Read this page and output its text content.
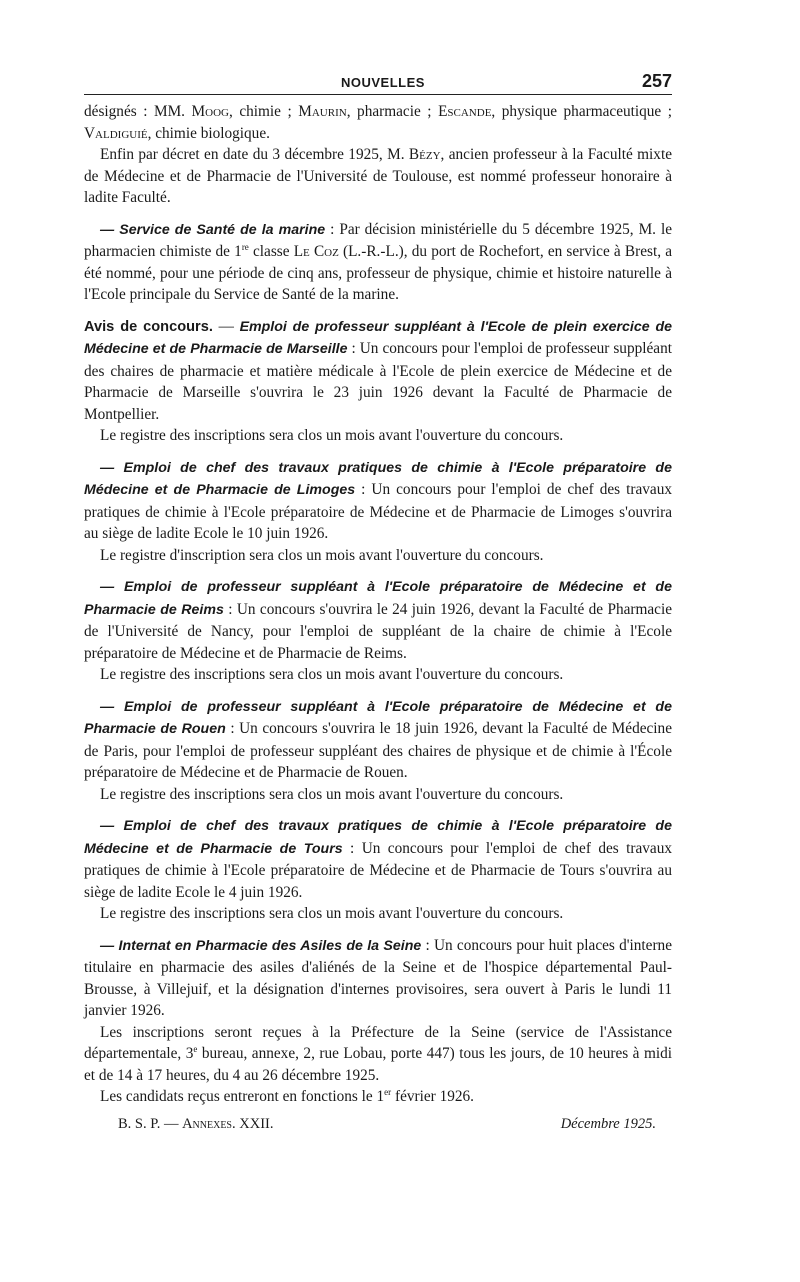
NOUVELLES	257

désignés : MM. Moog, chimie ; Maurin, pharmacie ; Escande, physique pharmaceutique ; Valdiguié, chimie biologique.

Enfin par décret en date du 3 décembre 1925, M. Bézy, ancien professeur à la Faculté mixte de Médecine et de Pharmacie de l'Université de Toulouse, est nommé professeur honoraire à ladite Faculté.

— Service de Santé de la marine : Par décision ministérielle du 5 décembre 1925, M. le pharmacien chimiste de 1re classe Le Coz (L.-R.-L.), du port de Rochefort, en service à Brest, a été nommé, pour une période de cinq ans, professeur de physique, chimie et histoire naturelle à l'Ecole principale du Service de Santé de la marine.

Avis de concours. — Emploi de professeur suppléant à l'Ecole de plein exercice de Médecine et de Pharmacie de Marseille : Un concours pour l'emploi de professeur suppléant des chaires de pharmacie et matière médicale à l'Ecole de plein exercice de Médecine et de Pharmacie de Marseille s'ouvrira le 23 juin 1926 devant la Faculté de Pharmacie de Montpellier.

Le registre des inscriptions sera clos un mois avant l'ouverture du concours.

— Emploi de chef des travaux pratiques de chimie à l'Ecole préparatoire de Médecine et de Pharmacie de Limoges : Un concours pour l'emploi de chef des travaux pratiques de chimie à l'Ecole préparatoire de Médecine et de Pharmacie de Limoges s'ouvrira au siège de ladite Ecole le 10 juin 1926.

Le registre d'inscription sera clos un mois avant l'ouverture du concours.

— Emploi de professeur suppléant à l'Ecole préparatoire de Médecine et de Pharmacie de Reims : Un concours s'ouvrira le 24 juin 1926, devant la Faculté de Pharmacie de l'Université de Nancy, pour l'emploi de suppléant de la chaire de chimie à l'Ecole préparatoire de Médecine et de Pharmacie de Reims.

Le registre des inscriptions sera clos un mois avant l'ouverture du concours.

— Emploi de professeur suppléant à l'Ecole préparatoire de Médecine et de Pharmacie de Rouen : Un concours s'ouvrira le 18 juin 1926, devant la Faculté de Médecine de Paris, pour l'emploi de professeur suppléant des chaires de physique et de chimie à l'École préparatoire de Médecine et de Pharmacie de Rouen.

Le registre des inscriptions sera clos un mois avant l'ouverture du concours.

— Emploi de chef des travaux pratiques de chimie à l'Ecole préparatoire de Médecine et de Pharmacie de Tours : Un concours pour l'emploi de chef des travaux pratiques de chimie à l'Ecole préparatoire de Médecine et de Pharmacie de Tours s'ouvrira au siège de ladite Ecole le 4 juin 1926.

Le registre des inscriptions sera clos un mois avant l'ouverture du concours.

— Internat en Pharmacie des Asiles de la Seine : Un concours pour huit places d'interne titulaire en pharmacie des asiles d'aliénés de la Seine et de l'hospice départemental Paul-Brousse, à Villejuif, et la désignation d'internes provisoires, sera ouvert à Paris le lundi 11 janvier 1926.

Les inscriptions seront reçues à la Préfecture de la Seine (service de l'Assistance départementale, 3e bureau, annexe, 2, rue Lobau, porte 447) tous les jours, de 10 heures à midi et de 14 à 17 heures, du 4 au 26 décembre 1925.

Les candidats reçus entreront en fonctions le 1er février 1926.

B. S. P. — Annexes. XXII.	Décembre 1925.
